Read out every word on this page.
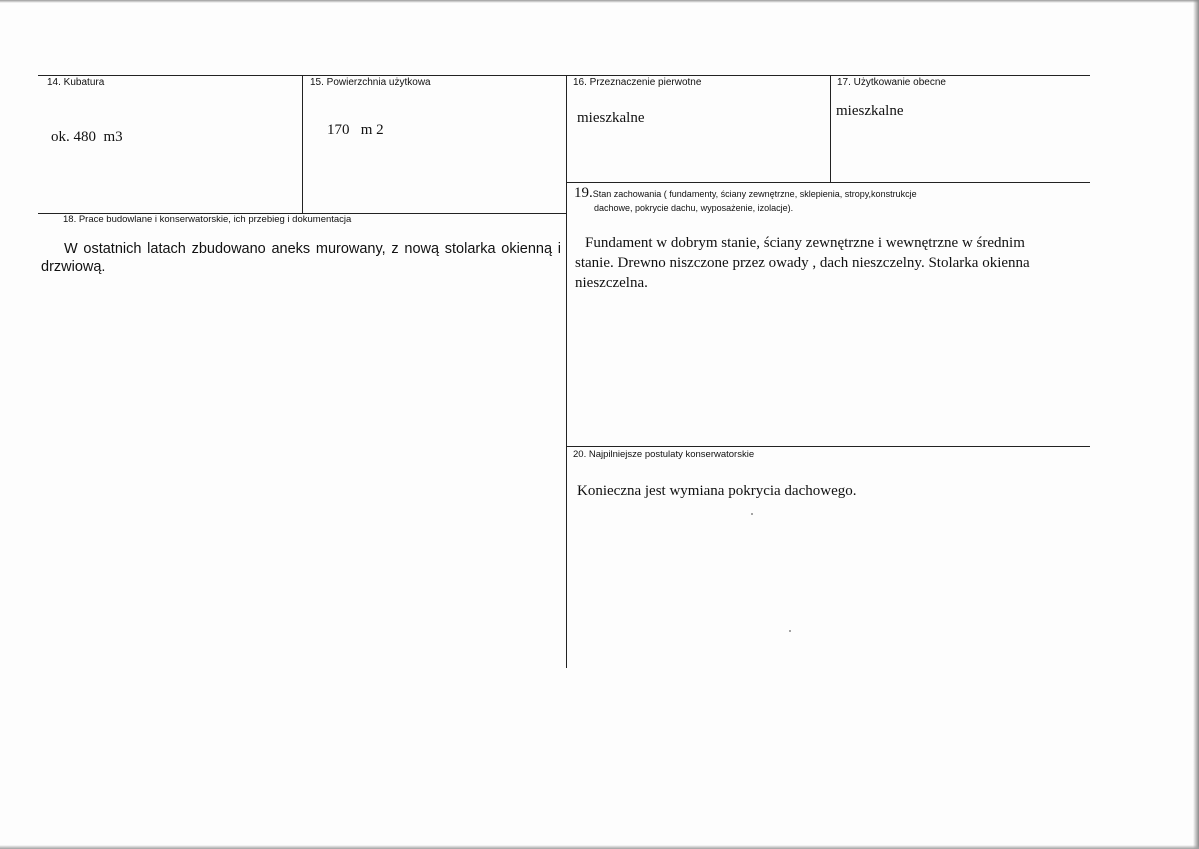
14. Kubatura
ok. 480  m3
15. Powierzchnia użytkowa
170   m 2
16. Przeznaczenie pierwotne
mieszkalne
17. Użytkowanie obecne
mieszkalne
19.Stan zachowania ( fundamenty, ściany zewnętrzne, sklepienia, stropy,konstrukcje
dachowe, pokrycie dachu, wyposażenie, izolacje).
Fundament w dobrym stanie, ściany zewnętrzne i wewnętrzne w średnim stanie. Drewno niszczone przez owady , dach nieszczelny. Stolarka okienna nieszczelna.
18. Prace budowlane i konserwatorskie, ich przebieg i dokumentacja
W ostatnich latach zbudowano aneks murowany, z nową stolarka okienną i drzwiową.
20. Najpilniejsze postulaty konserwatorskie
Konieczna jest wymiana pokrycia dachowego.
